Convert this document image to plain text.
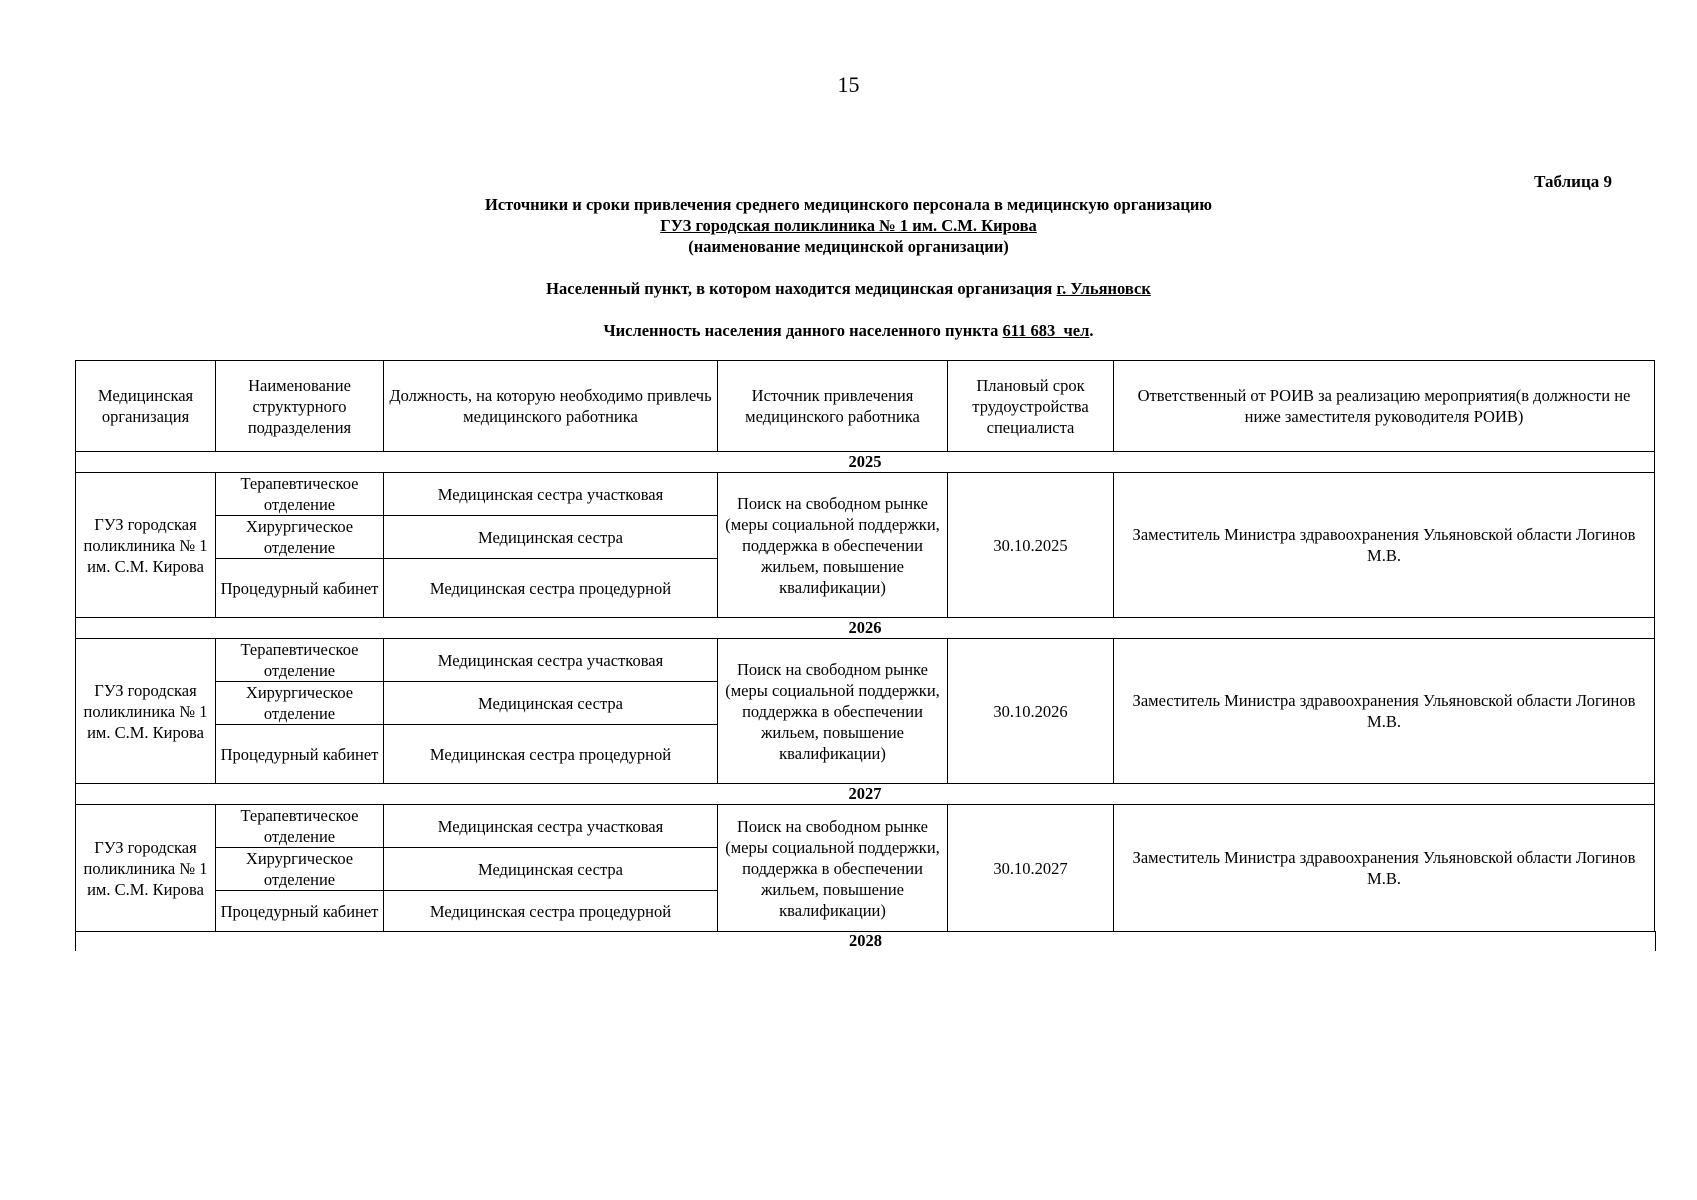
15
Таблица 9
Источники и сроки привлечения среднего медицинского персонала в медицинскую организацию
ГУЗ городская поликлиника № 1 им. С.М. Кирова
(наименование медицинской организации)
Населенный пункт, в котором находится медицинская организация г. Ульяновск
Численность населения данного населенного пункта 611 683  чел.
Медицинская организация	Наименование структурного подразделения	Должность, на которую необходимо привлечь медицинского работника	Источник привлечения медицинского работника	Плановый срок трудоустройства специалиста	Ответственный от РОИВ за реализацию мероприятия(в должности не ниже заместителя руководителя РОИВ)
2025					
ГУЗ городская поликлиника № 1 им. С.М. Кирова	Терапевтическое отделение	Медицинская сестра участковая	Поиск на свободном рынке (меры социальной поддержки, поддержка в обеспечении жильем, повышение квалификации)	30.10.2025	Заместитель Министра здравоохранения Ульяновской области Логинов М.В.
	Хирургическое отделение	Медицинская сестра			
	Процедурный кабинет	Медицинская сестра процедурной			
2026					
ГУЗ городская поликлиника № 1 им. С.М. Кирова	Терапевтическое отделение	Медицинская сестра участковая	Поиск на свободном рынке (меры социальной поддержки, поддержка в обеспечении жильем, повышение квалификации)	30.10.2026	Заместитель Министра здравоохранения Ульяновской области Логинов М.В.
	Хирургическое отделение	Медицинская сестра			
	Процедурный кабинет	Медицинская сестра процедурной			
2027					
ГУЗ городская поликлиника № 1 им. С.М. Кирова	Терапевтическое отделение	Медицинская сестра участковая	Поиск на свободном рынке (меры социальной поддержки, поддержка в обеспечении жильем, повышение квалификации)	30.10.2027	Заместитель Министра здравоохранения Ульяновской области Логинов М.В.
	Хирургическое отделение	Медицинская сестра			
	Процедурный кабинет	Медицинская сестра процедурной			
2028
